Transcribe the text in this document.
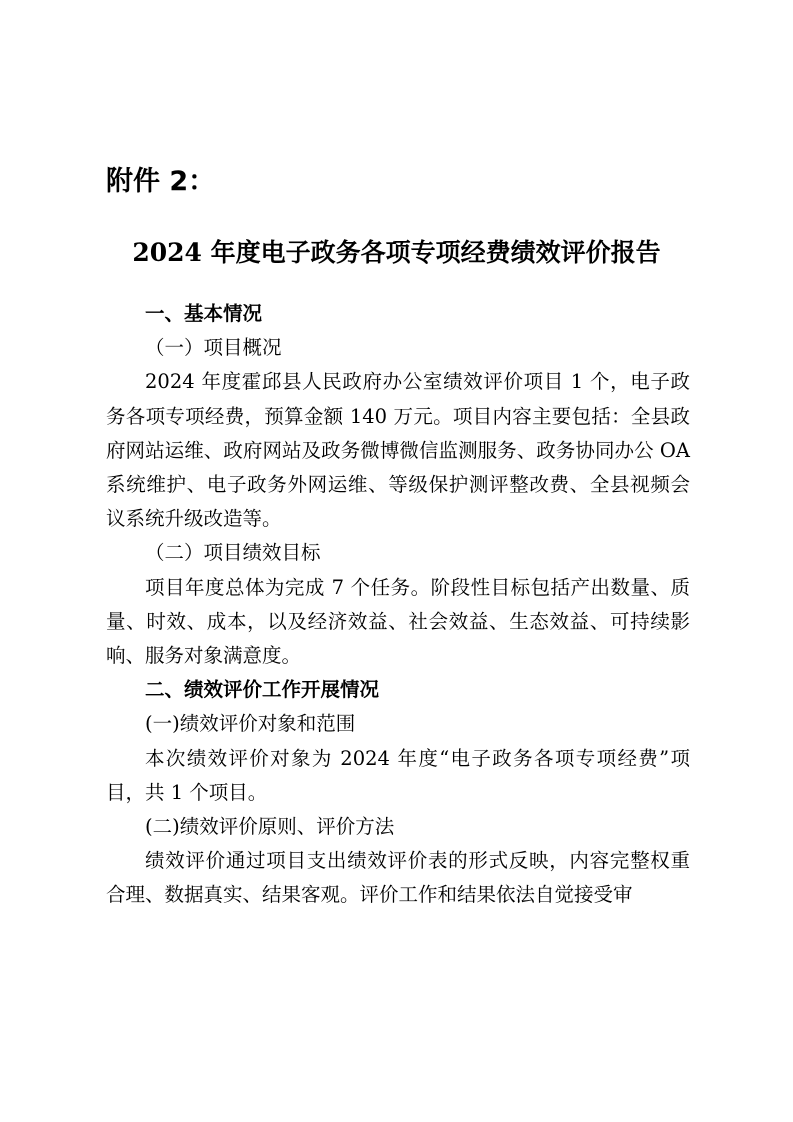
附件 2：
2024 年度电子政务各项专项经费绩效评价报告

一、基本情况

（一）项目概况

2024 年度霍邱县人民政府办公室绩效评价项目 1 个，电子政务各项专项经费，预算金额 140 万元。项目内容主要包括：全县政府网站运维、政府网站及政务微博微信监测服务、政务协同办公 OA 系统维护、电子政务外网运维、等级保护测评整改费、全县视频会议系统升级改造等。

（二）项目绩效目标

项目年度总体为完成 7 个任务。阶段性目标包括产出数量、质量、时效、成本，以及经济效益、社会效益、生态效益、可持续影响、服务对象满意度。

二、绩效评价工作开展情况

(一)绩效评价对象和范围

本次绩效评价对象为 2024 年度“电子政务各项专项经费”项目，共 1 个项目。

(二)绩效评价原则、评价方法

绩效评价通过项目支出绩效评价表的形式反映，内容完整权重合理、数据真实、结果客观。评价工作和结果依法自觉接受审
